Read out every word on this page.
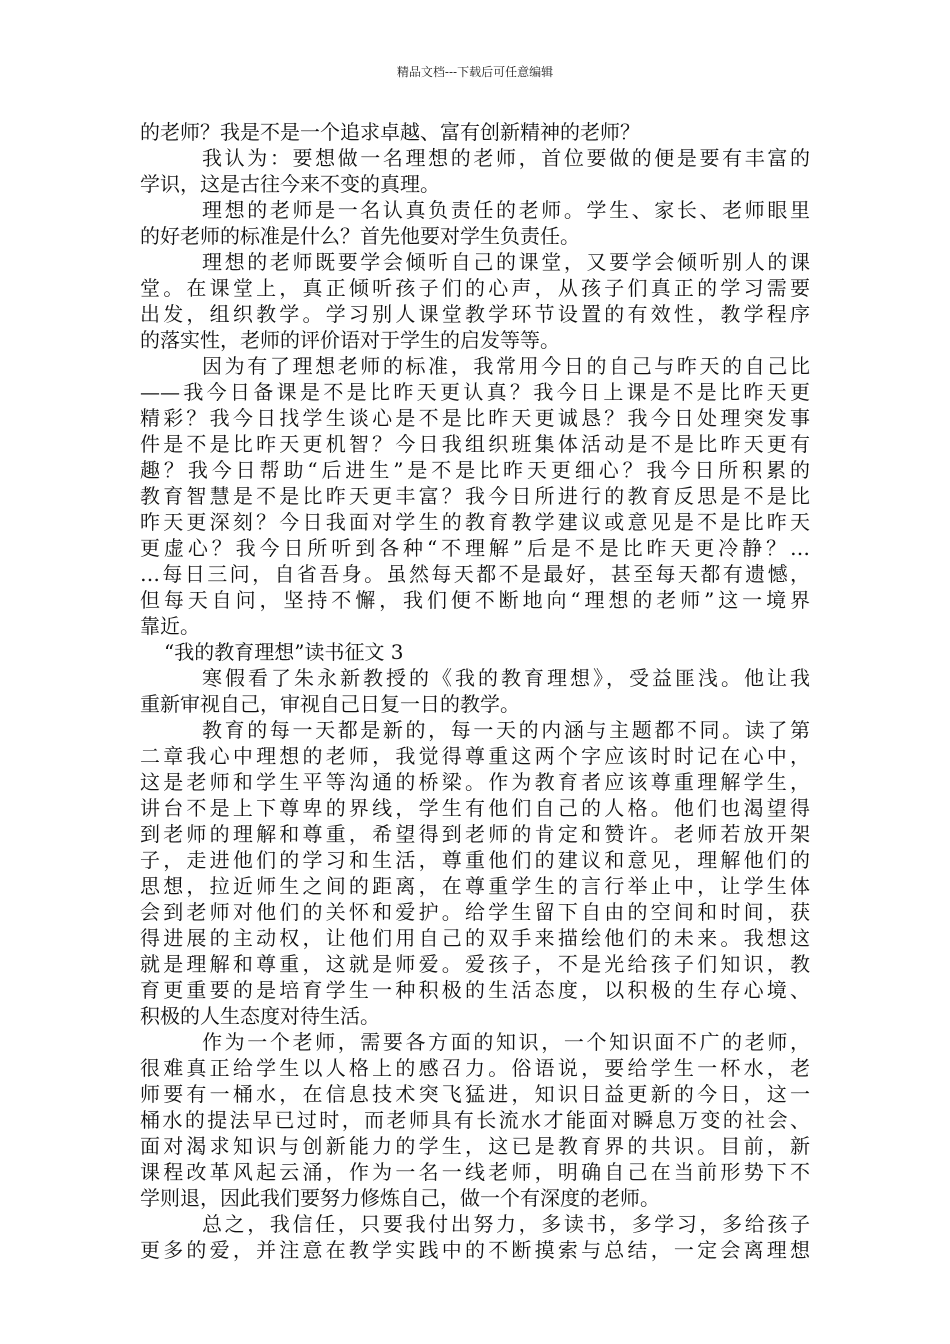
精品文档---下载后可任意编辑
的老师？我是不是一个追求卓越、富有创新精神的老师？
我认为：要想做一名理想的老师，首位要做的便是要有丰富的
学识，这是古往今来不变的真理。
理想的老师是一名认真负责任的老师。学生、家长、老师眼里
的好老师的标准是什么？首先他要对学生负责任。
理想的老师既要学会倾听自己的课堂，又要学会倾听别人的课
堂。在课堂上，真正倾听孩子们的心声，从孩子们真正的学习需要
出发，组织教学。学习别人课堂教学环节设置的有效性，教学程序
的落实性，老师的评价语对于学生的启发等等。
因为有了理想老师的标准，我常用今日的自己与昨天的自己比
——我今日备课是不是比昨天更认真？我今日上课是不是比昨天更
精彩？我今日找学生谈心是不是比昨天更诚恳？我今日处理突发事
件是不是比昨天更机智？今日我组织班集体活动是不是比昨天更有
趣？我今日帮助“后进生”是不是比昨天更细心？我今日所积累的
教育智慧是不是比昨天更丰富？我今日所进行的教育反思是不是比
昨天更深刻？今日我面对学生的教育教学建议或意见是不是比昨天
更虚心？我今日所听到各种“不理解”后是不是比昨天更冷静？…
…每日三问，自省吾身。虽然每天都不是最好，甚至每天都有遗憾，
但每天自问，坚持不懈，我们便不断地向“理想的老师”这一境界
靠近。
“我的教育理想”读书征文 3
寒假看了朱永新教授的《我的教育理想》，受益匪浅。他让我
重新审视自己，审视自己日复一日的教学。
教育的每一天都是新的，每一天的内涵与主题都不同。读了第
二章我心中理想的老师，我觉得尊重这两个字应该时时记在心中，
这是老师和学生平等沟通的桥梁。作为教育者应该尊重理解学生，
讲台不是上下尊卑的界线，学生有他们自己的人格。他们也渴望得
到老师的理解和尊重，希望得到老师的肯定和赞许。老师若放开架
子，走进他们的学习和生活，尊重他们的建议和意见，理解他们的
思想，拉近师生之间的距离，在尊重学生的言行举止中，让学生体
会到老师对他们的关怀和爱护。给学生留下自由的空间和时间，获
得进展的主动权，让他们用自己的双手来描绘他们的未来。我想这
就是理解和尊重，这就是师爱。爱孩子，不是光给孩子们知识，教
育更重要的是培育学生一种积极的生活态度，以积极的生存心境、
积极的人生态度对待生活。
作为一个老师，需要各方面的知识，一个知识面不广的老师，
很难真正给学生以人格上的感召力。俗语说，要给学生一杯水，老
师要有一桶水，在信息技术突飞猛进，知识日益更新的今日，这一
桶水的提法早已过时，而老师具有长流水才能面对瞬息万变的社会、
面对渴求知识与创新能力的学生，这已是教育界的共识。目前，新
课程改革风起云涌，作为一名一线老师，明确自己在当前形势下不
学则退，因此我们要努力修炼自己，做一个有深度的老师。
总之，我信任，只要我付出努力，多读书，多学习，多给孩子
更多的爱，并注意在教学实践中的不断摸索与总结，一定会离理想
